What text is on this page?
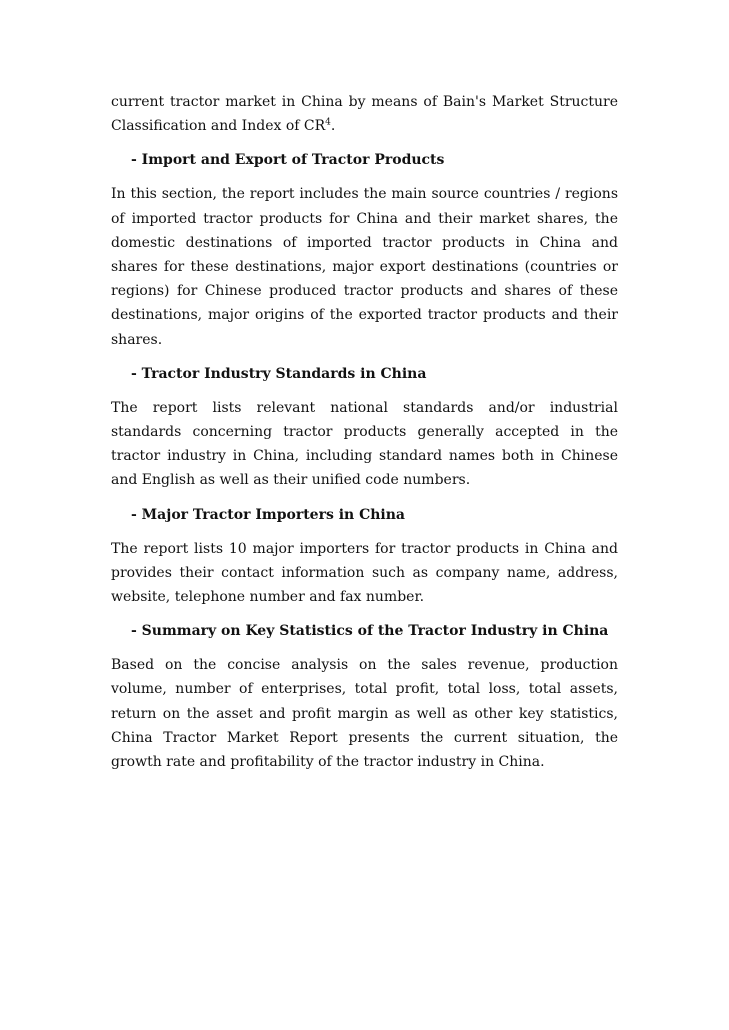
current tractor market in China by means of Bain's Market Structure Classification and Index of $CR^4$.

- Import and Export of Tractor Products

In this section, the report includes the main source countries / regions of imported tractor products for China and their market shares, the domestic destinations of imported tractor products in China and shares for these destinations, major export destinations (countries or regions) for Chinese produced tractor products and shares of these destinations, major origins of the exported tractor products and their shares.

- Tractor Industry Standards in China

The report lists relevant national standards and/or industrial standards concerning tractor products generally accepted in the tractor industry in China, including standard names both in Chinese and English as well as their unified code numbers.

- Major Tractor Importers in China

The report lists 10 major importers for tractor products in China and provides their contact information such as company name, address, website, telephone number and fax number.

- Summary on Key Statistics of the Tractor Industry in China

Based on the concise analysis on the sales revenue, production volume, number of enterprises, total profit, total loss, total assets, return on the asset and profit margin as well as other key statistics, China Tractor Market Report presents the current situation, the growth rate and profitability of the tractor industry in China.
